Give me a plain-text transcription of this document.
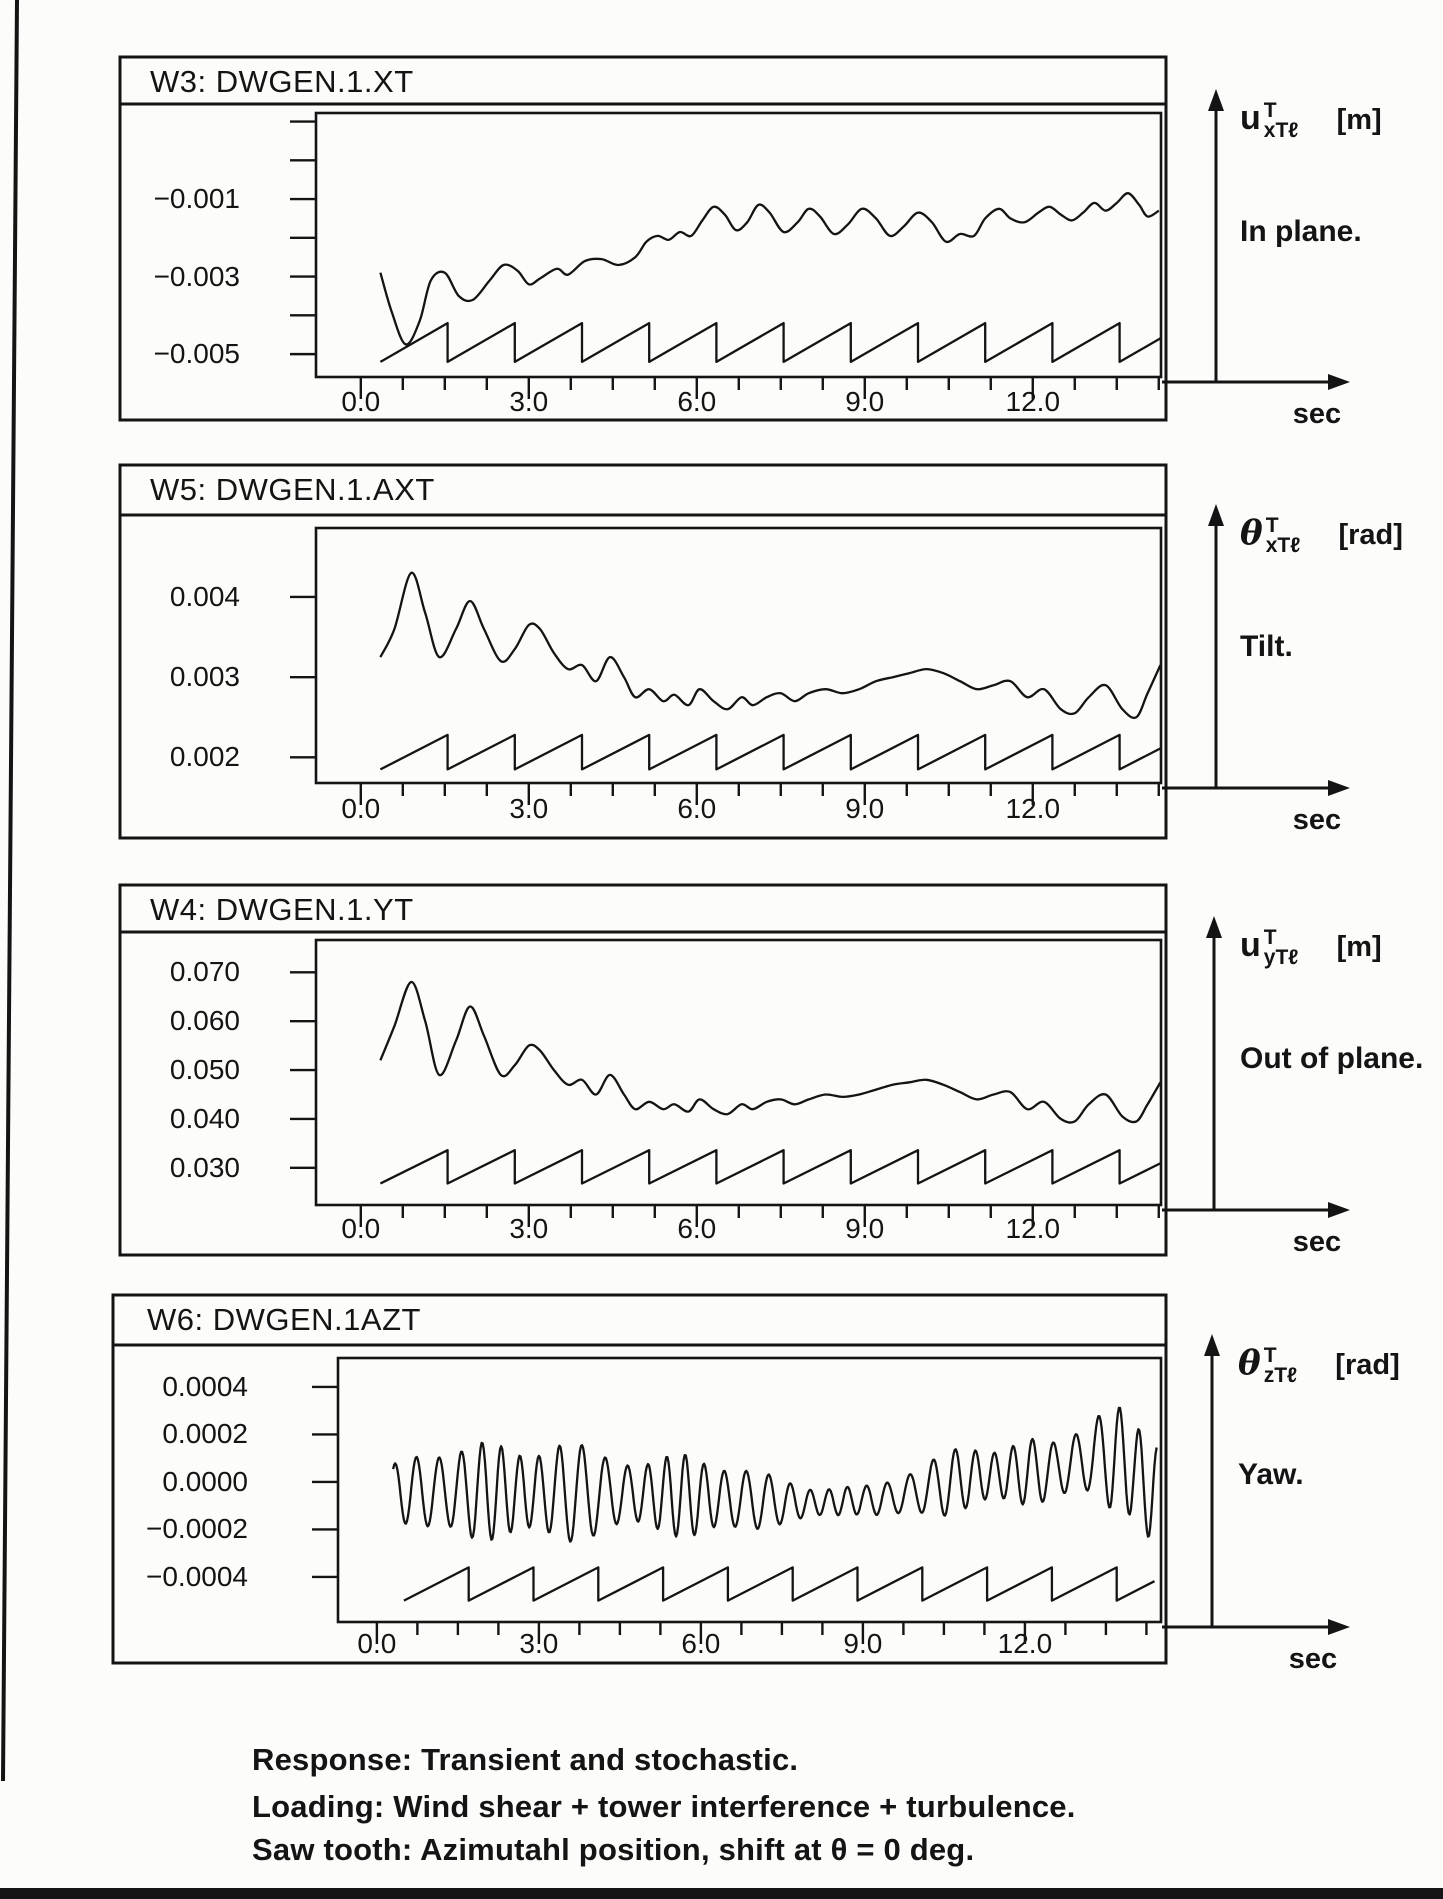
W3: DWGEN.1.XT
−0.001
−0.003
−0.005
0.0	3.0	6.0	9.0	12.0
u T
xTℓ [m]
In plane.
sec
W5: DWGEN.1.AXT
0.004
0.003
0.002
0.0	3.0	6.0	9.0	12.0
θ T
xTℓ [rad]
Tilt.
sec
W4: DWGEN.1.YT
0.070
0.060
0.050
0.040
0.030
0.0	3.0	6.0	9.0	12.0
u T
yTℓ [m]
Out of plane.
sec
W6: DWGEN.1AZT
0.0004
0.0002
0.0000
−0.0002
−0.0004
0.0	3.0	6.0	9.0	12.0
θ T
zTℓ [rad]
Yaw.
sec
Response: Transient and stochastic.
Loading: Wind shear + tower interference + turbulence.
Saw tooth: Azimutahl position, shift at θ = 0 deg.
